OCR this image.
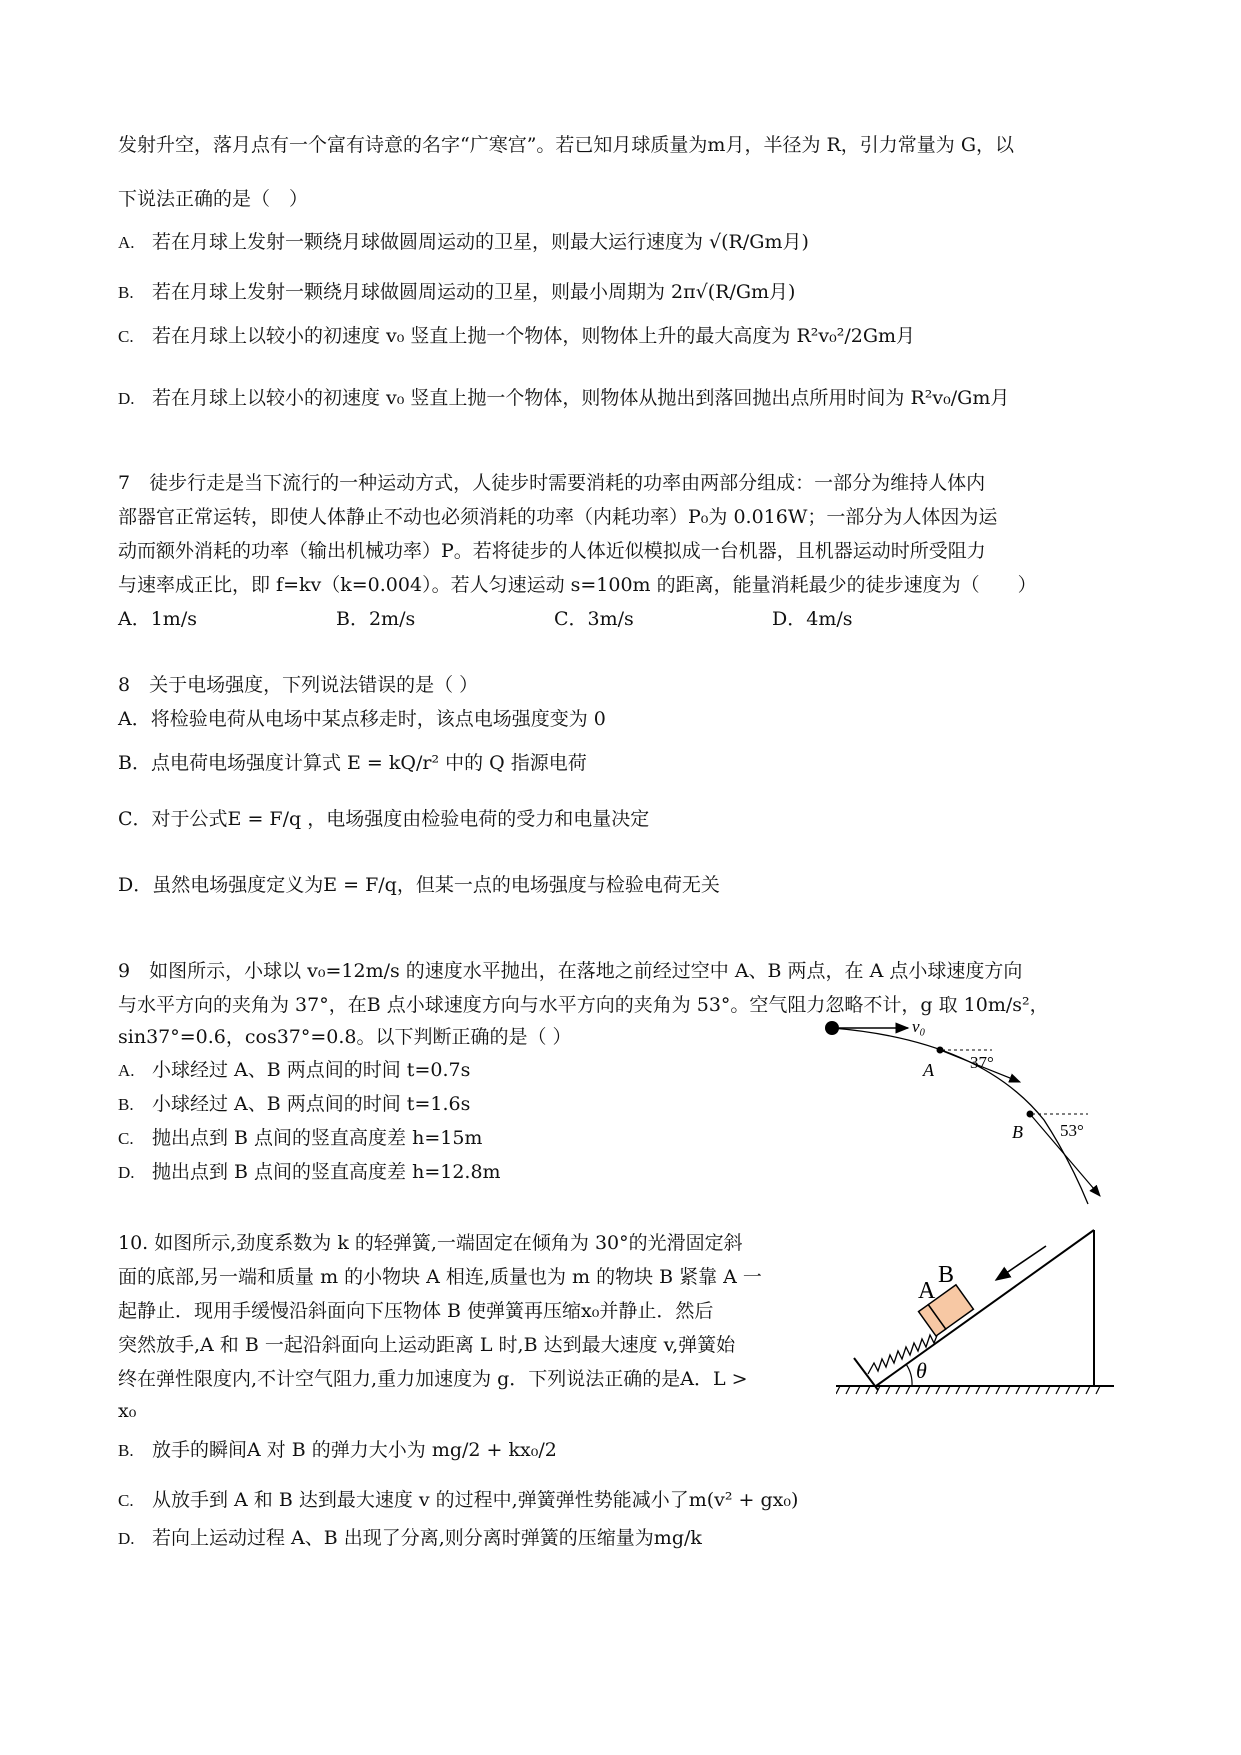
发射升空，落月点有一个富有诗意的名字“广寒宫”。若已知月球质量为m月，半径为 R，引力常量为 G，以
下说法正确的是（　）
A. 若在月球上发射一颗绕月球做圆周运动的卫星，则最大运行速度为 √(R/Gm月)
B. 若在月球上发射一颗绕月球做圆周运动的卫星，则最小周期为 2π√(R/Gm月)
C. 若在月球上以较小的初速度 v₀ 竖直上抛一个物体，则物体上升的最大高度为 R²v₀²/2Gm月
D. 若在月球上以较小的初速度 v₀ 竖直上抛一个物体，则物体从抛出到落回抛出点所用时间为 R²v₀/Gm月
7　徒步行走是当下流行的一种运动方式，人徒步时需要消耗的功率由两部分组成：一部分为维持人体内
部器官正常运转，即使人体静止不动也必须消耗的功率（内耗功率）P₀为 0.016W；一部分为人体因为运
动而额外消耗的功率（输出机械功率）P。若将徒步的人体近似模拟成一台机器，且机器运动时所受阻力
与速率成正比，即 f=kv（k=0.004）。若人匀速运动 s=100m 的距离，能量消耗最少的徒步速度为（　　）
A．1m/s	B．2m/s	C．3m/s	D．4m/s
8　关于电场强度，下列说法错误的是（ ）
A．将检验电荷从电场中某点移走时，该点电场强度变为 0
B．点电荷电场强度计算式 E = kQ/r² 中的 Q 指源电荷
C．对于公式E = F/q ，电场强度由检验电荷的受力和电量决定
D．虽然电场强度定义为E = F/q，但某一点的电场强度与检验电荷无关
9　如图所示，小球以 v₀=12m/s 的速度水平抛出，在落地之前经过空中 A、B 两点，在 A 点小球速度方向
与水平方向的夹角为 37°，在B 点小球速度方向与水平方向的夹角为 53°。空气阻力忽略不计，g 取 10m/s²，
sin37°=0.6，cos37°=0.8。以下判断正确的是（ ）
A. 小球经过 A、B 两点间的时间 t=0.7s
B. 小球经过 A、B 两点间的时间 t=1.6s
C. 抛出点到 B 点间的竖直高度差 h=15m
D. 抛出点到 B 点间的竖直高度差 h=12.8m
v₀
A 37°
B 53°
10. 如图所示,劲度系数为 k 的轻弹簧,一端固定在倾角为 30°的光滑固定斜
面的底部,另一端和质量 m 的小物块 A 相连,质量也为 m 的物块 B 紧靠 A 一
起静止．现用手缓慢沿斜面向下压物体 B 使弹簧再压缩x₀并静止．然后
突然放手,A 和 B 一起沿斜面向上运动距离 L 时,B 达到最大速度 v,弹簧始
终在弹性限度内,不计空气阻力,重力加速度为 g．下列说法正确的是A．L >
x₀
B. 放手的瞬间A 对 B 的弹力大小为 mg/2 + kx₀/2
C. 从放手到 A 和 B 达到最大速度 v 的过程中,弹簧弹性势能减小了m(v² + gx₀)
D. 若向上运动过程 A、B 出现了分离,则分离时弹簧的压缩量为mg/k
A
B
θ
